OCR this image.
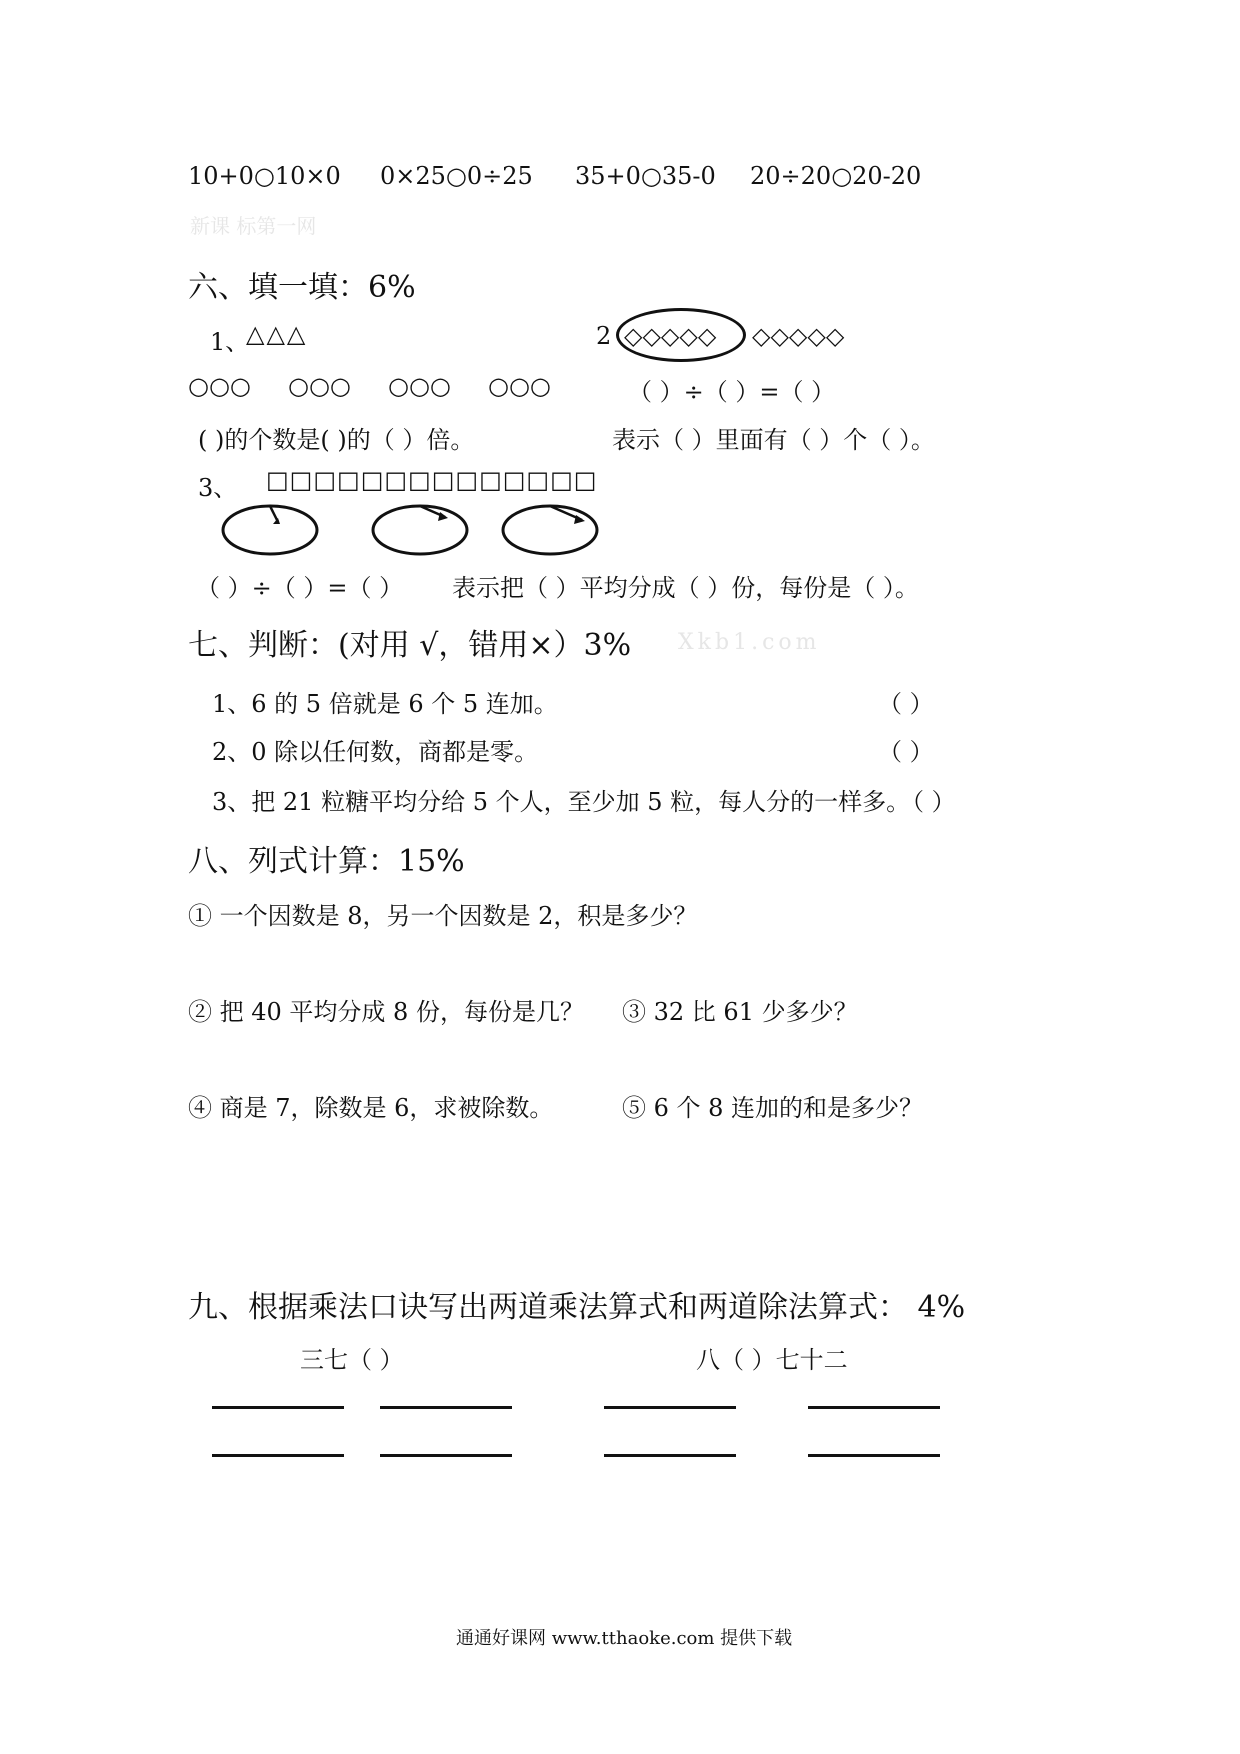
10+0○10×0 0×25○0÷25 35+0○35-0 20÷20○20-20
新课 标第一网
六、填一填：6%
1、
△△△	2 ◇◇◇◇◇ ◇◇◇◇◇
○○○ ○○○ ○○○ ○○○	（ ）÷（ ）=（ ）
( )的个数是( )的（ ）倍。	表示（ ）里面有（ ）个（ ）。
3、 □□□□□□□□□□□□□□
（ ）÷（ ）=（ ） 表示把（ ）平均分成（ ）份，每份是（ ）。
七、判断：(对用 √，错用×）3% Xkb1.com
1、6 的 5 倍就是 6 个 5 连加。	（ ）
2、0 除以任何数，商都是零。	（ ）
3、把 21 粒糖平均分给 5 个人，至少加 5 粒，每人分的一样多。
（ ）
八、列式计算：15%
① 一个因数是 8，另一个因数是 2，积是多少？
② 把 40 平均分成 8 份，每份是几？ ③ 32 比 61 少多少？
④ 商是 7，除数是 6，求被除数。	⑤ 6 个 8 连加的和是多少？
九、根据乘法口诀写出两道乘法算式和两道除法算式： 4%
三七（ ）	八（ ）七十二
通通好课网 www.tthaoke.com 提供下载
